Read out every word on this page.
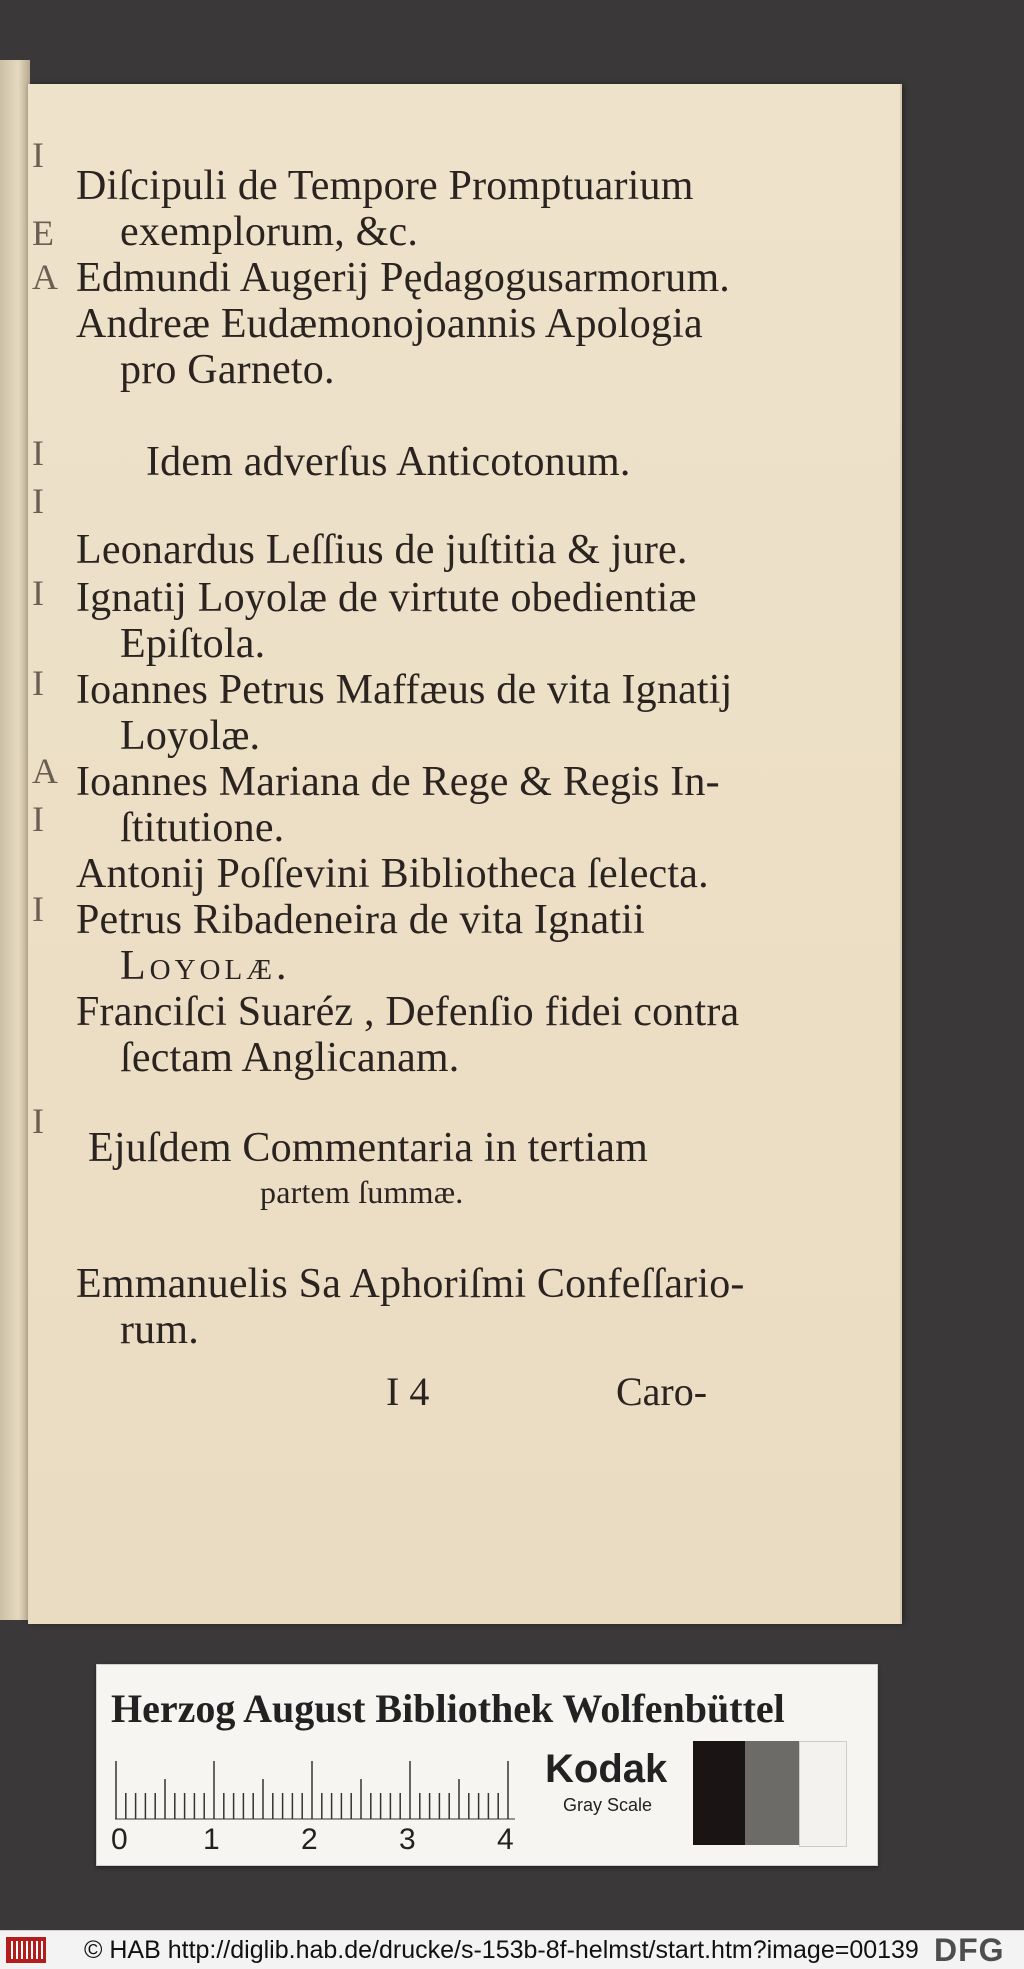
I
E
A
I
I
I
I
A
I
I
I
Diſcipuli de Tempore Promptuarium
exemplorum, &c.
Edmundi Augerij Pędagogusarmorum.
Andreæ Eudæmonojoannis Apologia
pro Garneto.
Idem adverſus Anticotonum.
Leonardus Leſſius de juſtitia & jure.
Ignatij Loyolæ de virtute obedientiæ
Epiſtola.
Ioannes Petrus Maffæus de vita Ignatij
Loyolæ.
Ioannes Mariana de Rege & Regis In-
ſtitutione.
Antonij Poſſevini Bibliotheca ſelecta.
Petrus Ribadeneira de vita Ignatii
Loyolæ.
Franciſci Suaréz , Defenſio fidei contra
ſectam Anglicanam.
Ejuſdem Commentaria in tertiam
partem ſummæ.
Emmanuelis Sa Aphoriſmi Confeſſario-
rum.
I 4	Caro-
Herzog August Bibliothek Wolfenbüttel
0	1	2	3	4
Kodak
Gray Scale
© HAB http://diglib.hab.de/drucke/s-153b-8f-helmst/start.htm?image=00139 DFG
